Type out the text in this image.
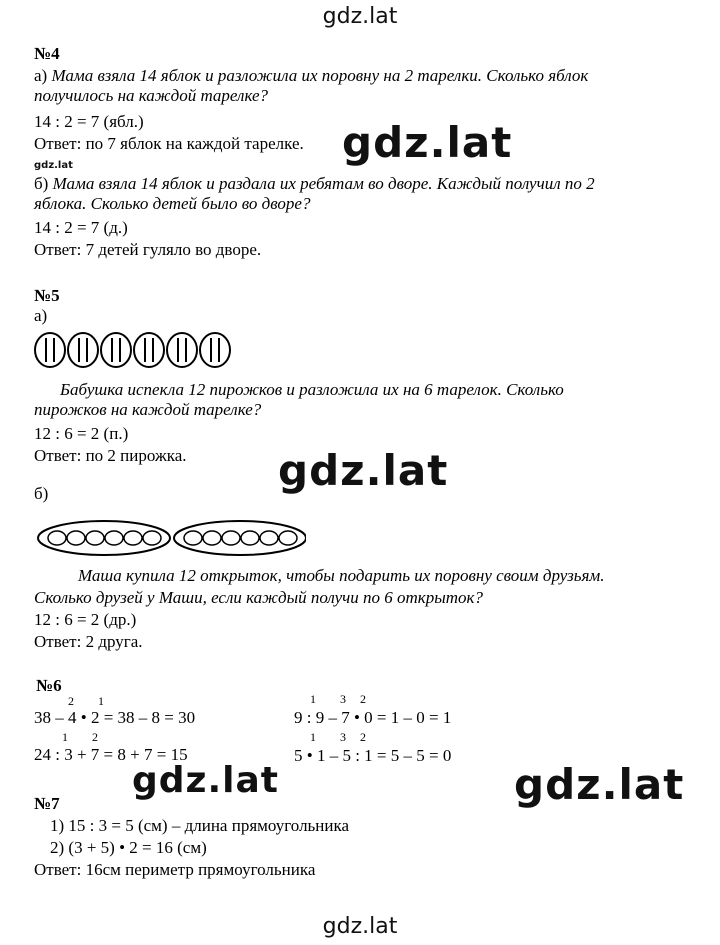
gdz.lat
gdz.lat	gdz.lat
gdz.lat
gdz.lat	gdz.lat
gdz.lat
№4
а) Мама взяла 14 яблок и разложила их поровну на 2 тарелки. Сколько яблок
получилось на каждой тарелке?
14 : 2 = 7 (ябл.)
Ответ: по 7 яблок на каждой тарелке.
б) Мама взяла 14 яблок и раздала их ребятам во дворе. Каждый получил по 2
яблока. Сколько детей было во дворе?
14 : 2 = 7 (д.)
Ответ: 7 детей гуляло во дворе.
№5
а)
Бабушка испекла 12 пирожков и разложила их на 6 тарелок. Сколько
пирожков на каждой тарелке?
12 : 6 = 2 (п.)
Ответ: по 2 пирожка.
б)
Маша купила 12 открыток, чтобы подарить их поровну своим друзьям.
Сколько друзей у Маши, если каждый получи по 6 открыток?
12 : 6 = 2 (др.)
Ответ: 2 друга.
№6
2 1
38 – 4 • 2 = 38 – 8 = 30
1 2
24 : 3 + 7 = 8 + 7 = 15
1 3 2
9 : 9 – 7 • 0 = 1 – 0 = 1
1 3 2
5 • 1 – 5 : 1 = 5 – 5 = 0
№7
1) 15 : 3 = 5 (см) – длина прямоугольника
2) (3 + 5) • 2 = 16 (см)
Ответ: 16см периметр прямоугольника
